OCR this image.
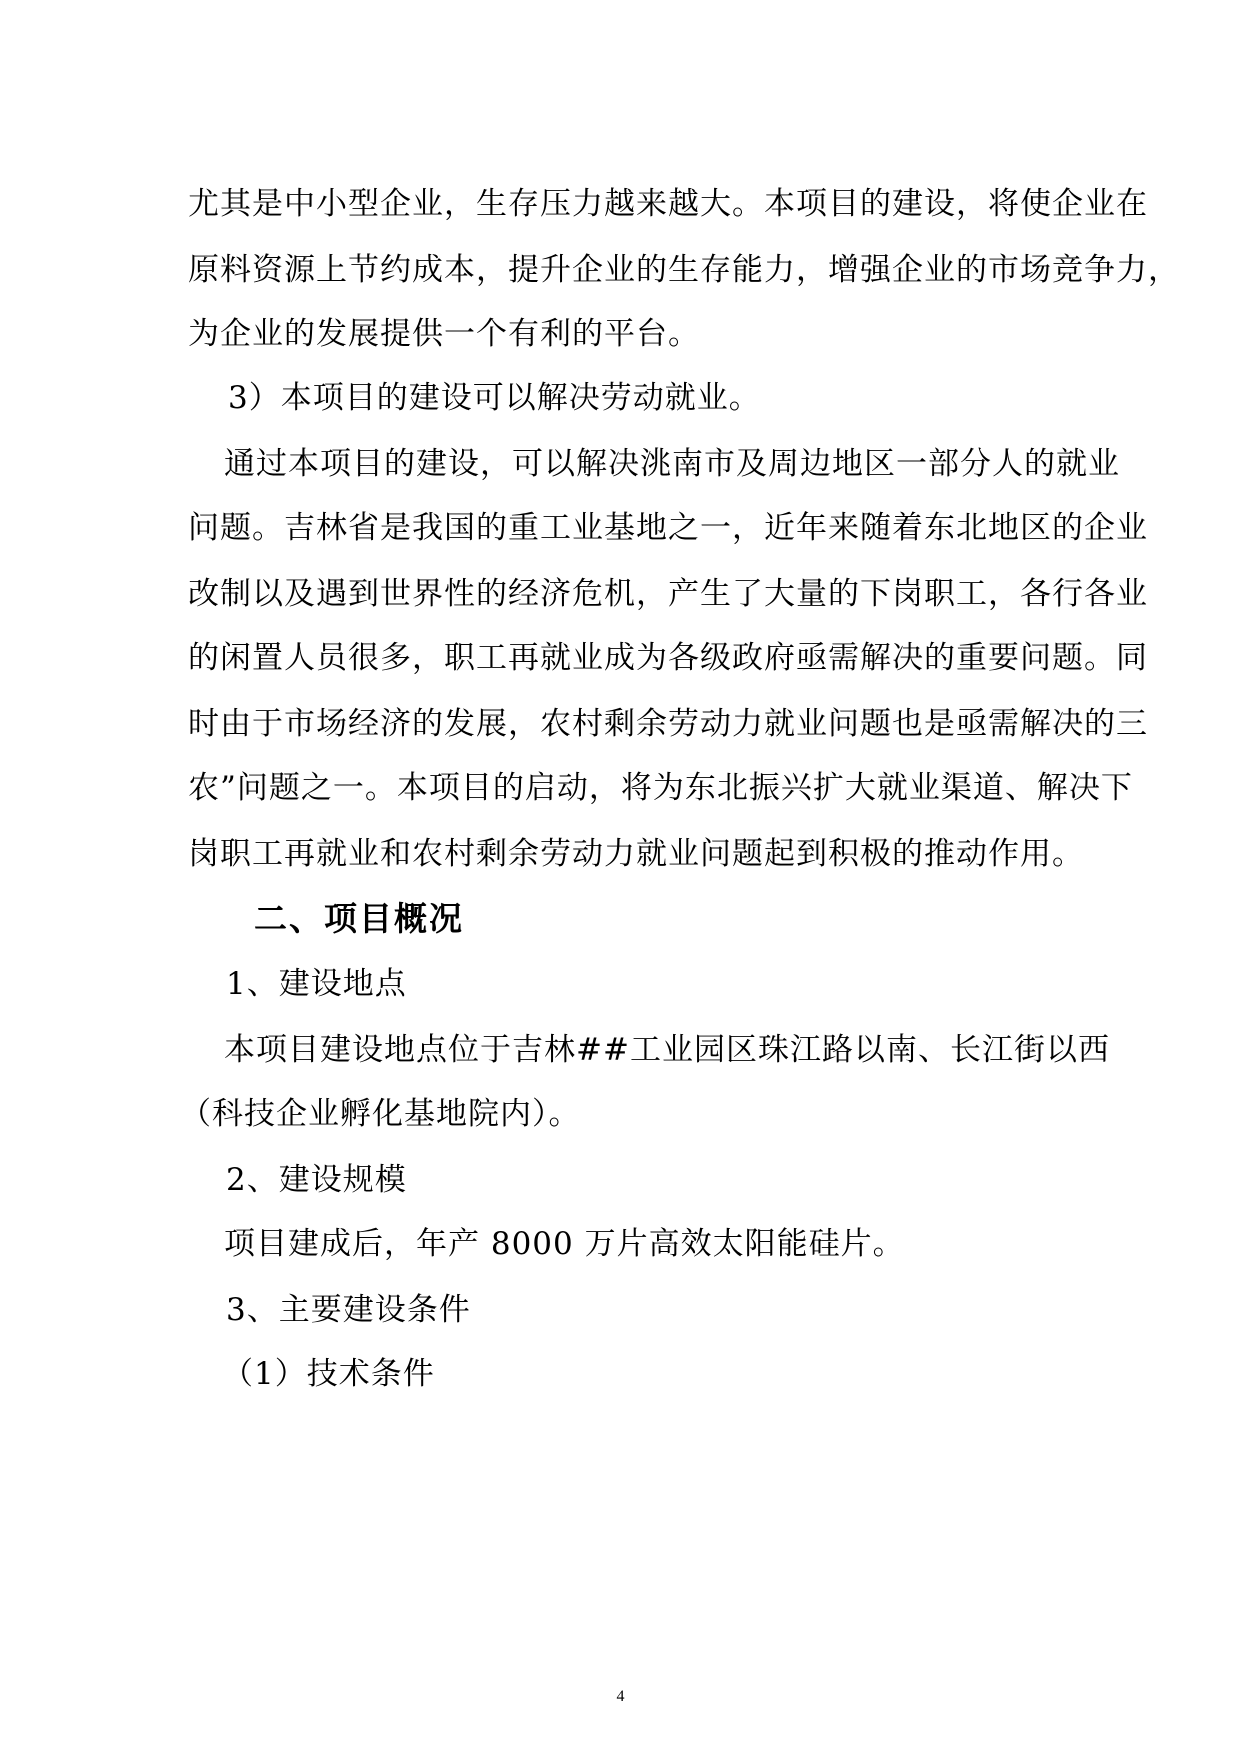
尤其是中小型企业，生存压力越来越大。本项目的建设，将使企业在
原料资源上节约成本，提升企业的生存能力，增强企业的市场竞争力，
为企业的发展提供一个有利的平台。
3）本项目的建设可以解决劳动就业。
通过本项目的建设，可以解决洮南市及周边地区一部分人的就业
问题。吉林省是我国的重工业基地之一，近年来随着东北地区的企业
改制以及遇到世界性的经济危机，产生了大量的下岗职工，各行各业
的闲置人员很多，职工再就业成为各级政府亟需解决的重要问题。同
时由于市场经济的发展，农村剩余劳动力就业问题也是亟需解决的三
农”问题之一。本项目的启动，将为东北振兴扩大就业渠道、解决下
岗职工再就业和农村剩余劳动力就业问题起到积极的推动作用。
二、项目概况
1、建设地点
本项目建设地点位于吉林##工业园区珠江路以南、长江街以西
（科技企业孵化基地院内）。
2、建设规模
项目建成后，年产 8000 万片高效太阳能硅片。
3、主要建设条件
（1）技术条件
4
